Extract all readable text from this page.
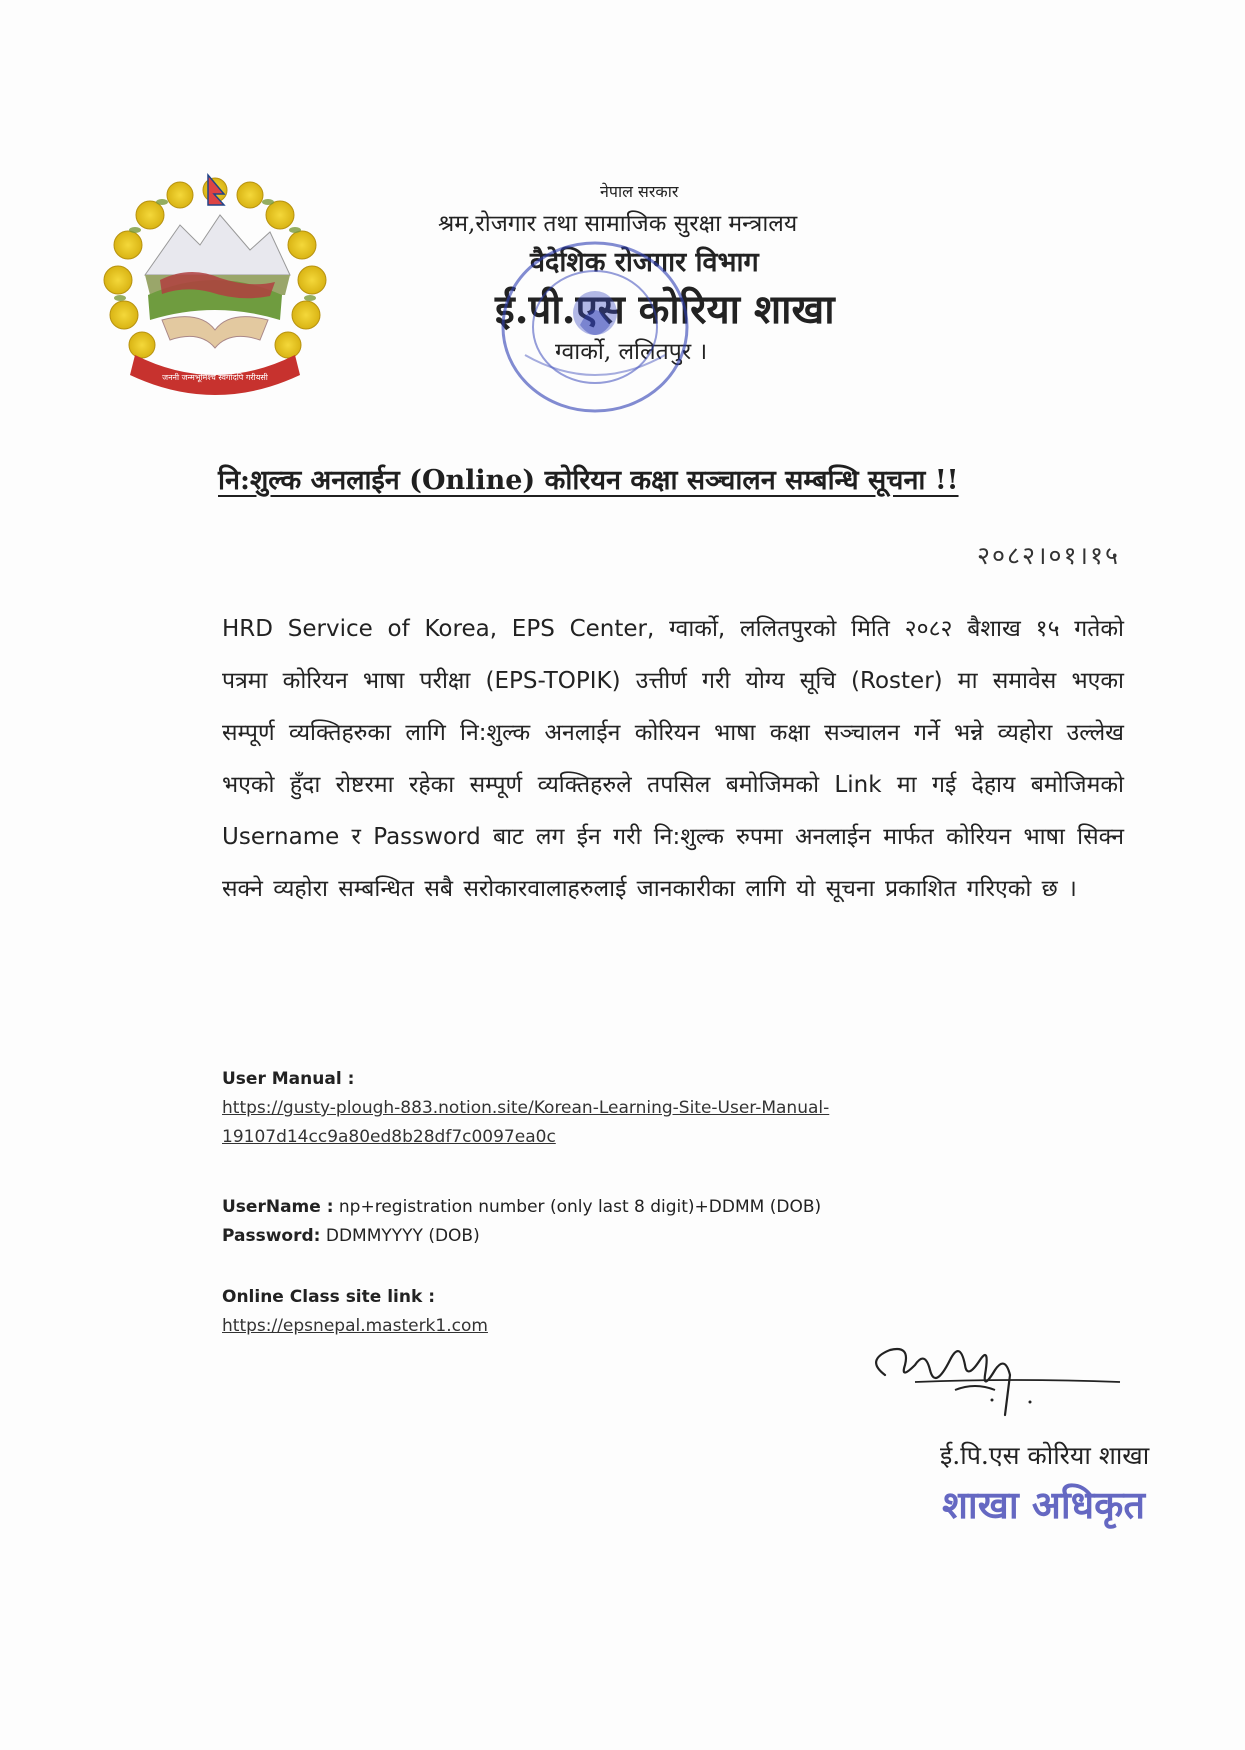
जननी जन्मभूमिश्च स्वर्गादपि गरीयसी
नेपाल सरकार
श्रम,रोजगार तथा सामाजिक सुरक्षा मन्त्रालय
वैदेशिक रोजगार विभाग
ई.पी.एस कोरिया शाखा
ग्वार्को, ललितपुर ।
नि:शुल्क अनलाईन (Online) कोरियन कक्षा सञ्चालन सम्बन्धि सूचना !!
२०८२।०१।१५
HRD Service of Korea, EPS Center, ग्वार्को, ललितपुरको मिति २०८२ बैशाख १५ गतेको पत्रमा कोरियन भाषा परीक्षा (EPS-TOPIK) उत्तीर्ण गरी योग्य सूचि (Roster) मा समावेस भएका सम्पूर्ण व्यक्तिहरुका लागि नि:शुल्क अनलाईन कोरियन भाषा कक्षा सञ्चालन गर्ने भन्ने व्यहोरा उल्लेख भएको हुँदा रोष्टरमा रहेका सम्पूर्ण व्यक्तिहरुले तपसिल बमोजिमको Link मा गई देहाय बमोजिमको Username र Password बाट लग ईन गरी नि:शुल्क रुपमा अनलाईन मार्फत कोरियन भाषा सिक्न सक्ने व्यहोरा सम्बन्धित सबै सरोकारवालाहरुलाई जानकारीका लागि यो सूचना प्रकाशित गरिएको छ ।
User Manual :
https://gusty-plough-883.notion.site/Korean-Learning-Site-User-Manual-
19107d14cc9a80ed8b28df7c0097ea0c
UserName : np+registration number (only last 8 digit)+DDMM (DOB)
Password: DDMMYYYY (DOB)
Online Class site link :
https://epsnepal.masterk1.com
ई.पि.एस कोरिया शाखा
शाखा अधिकृत
